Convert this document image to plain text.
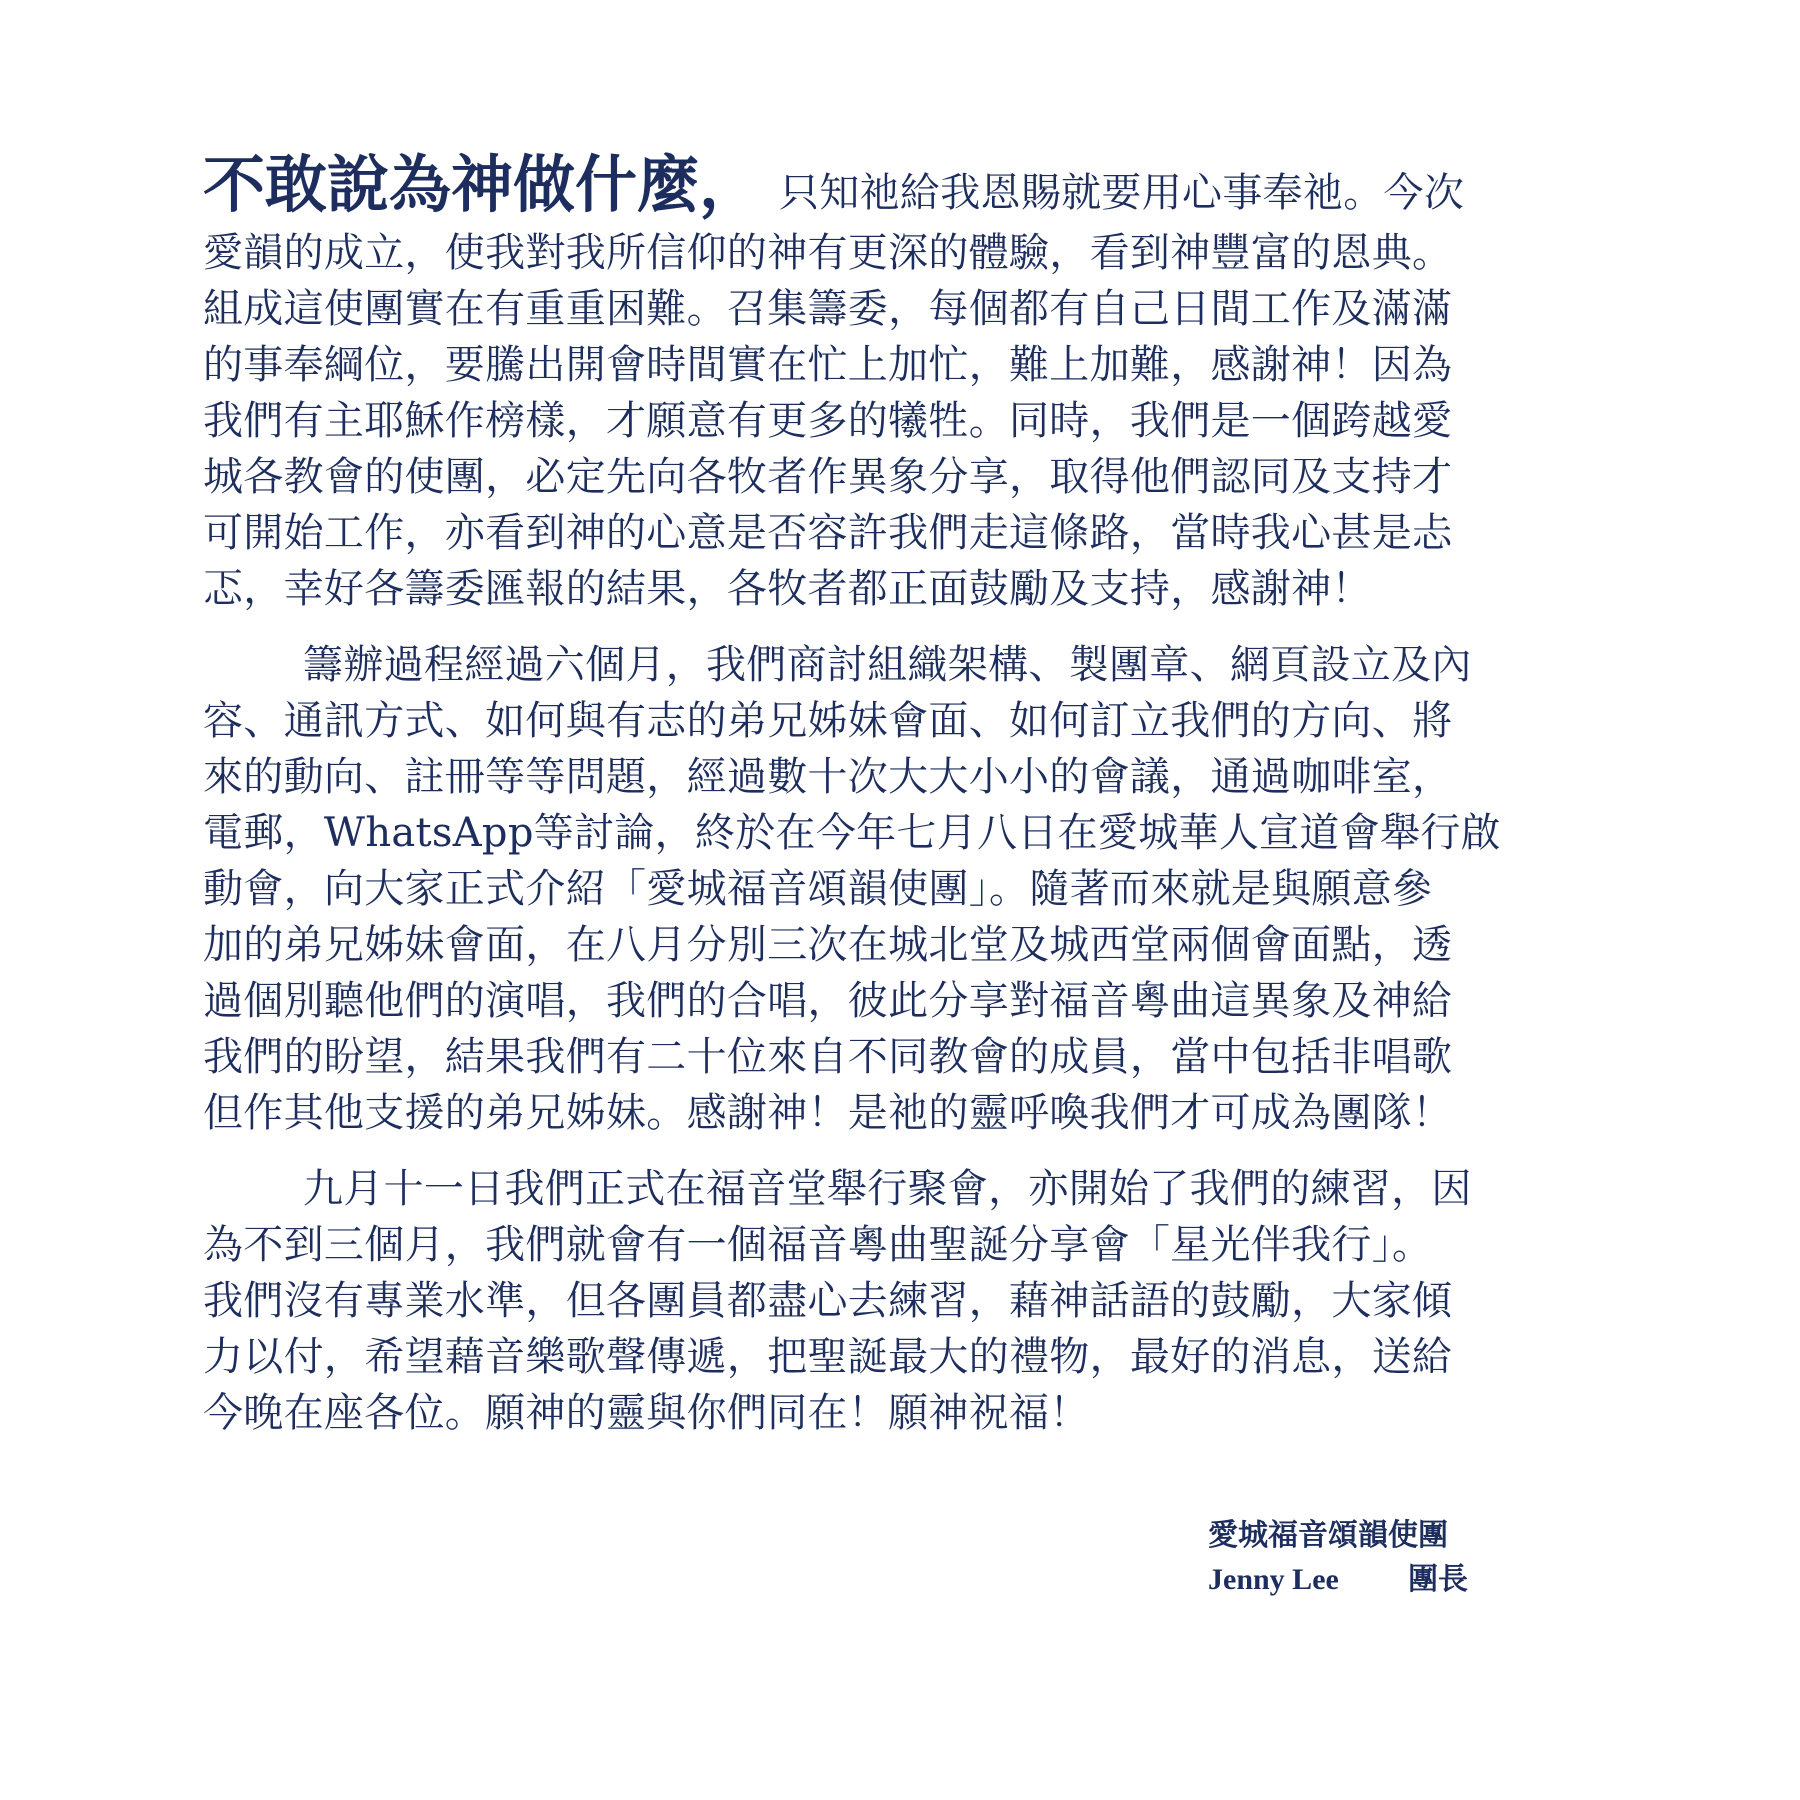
不敢說為神做什麼， 只知祂給我恩賜就要用心事奉祂。今次
愛韻的成立，使我對我所信仰的神有更深的體驗，看到神豐富的恩典。
組成這使團實在有重重困難。召集籌委，每個都有自己日間工作及滿滿
的事奉綱位，要騰出開會時間實在忙上加忙，難上加難，感謝神！因為
我們有主耶穌作榜樣，才願意有更多的犧牲。同時，我們是一個跨越愛
城各教會的使團，必定先向各牧者作異象分享，取得他們認同及支持才
可開始工作，亦看到神的心意是否容許我們走這條路，當時我心甚是忐
忑，幸好各籌委匯報的結果，各牧者都正面鼓勵及支持，感謝神！
籌辦過程經過六個月，我們商討組織架構、製團章、網頁設立及內
容、通訊方式、如何與有志的弟兄姊妹會面、如何訂立我們的方向、將
來的動向、註冊等等問題，經過數十次大大小小的會議，通過咖啡室，
電郵，WhatsApp等討論，終於在今年七月八日在愛城華人宣道會舉行啟
動會，向大家正式介紹「愛城福音頌韻使團」。隨著而來就是與願意參
加的弟兄姊妹會面，在八月分別三次在城北堂及城西堂兩個會面點，透
過個別聽他們的演唱，我們的合唱，彼此分享對福音粵曲這異象及神給
我們的盼望，結果我們有二十位來自不同教會的成員，當中包括非唱歌
但作其他支援的弟兄姊妹。感謝神！是祂的靈呼喚我們才可成為團隊！
九月十一日我們正式在福音堂舉行聚會，亦開始了我們的練習，因
為不到三個月，我們就會有一個福音粵曲聖誕分享會「星光伴我行」。
我們沒有專業水準，但各團員都盡心去練習，藉神話語的鼓勵，大家傾
力以付，希望藉音樂歌聲傳遞，把聖誕最大的禮物，最好的消息，送給
今晚在座各位。願神的靈與你們同在！願神祝福！
愛城福音頌韻使團
Jenny Lee 團長
